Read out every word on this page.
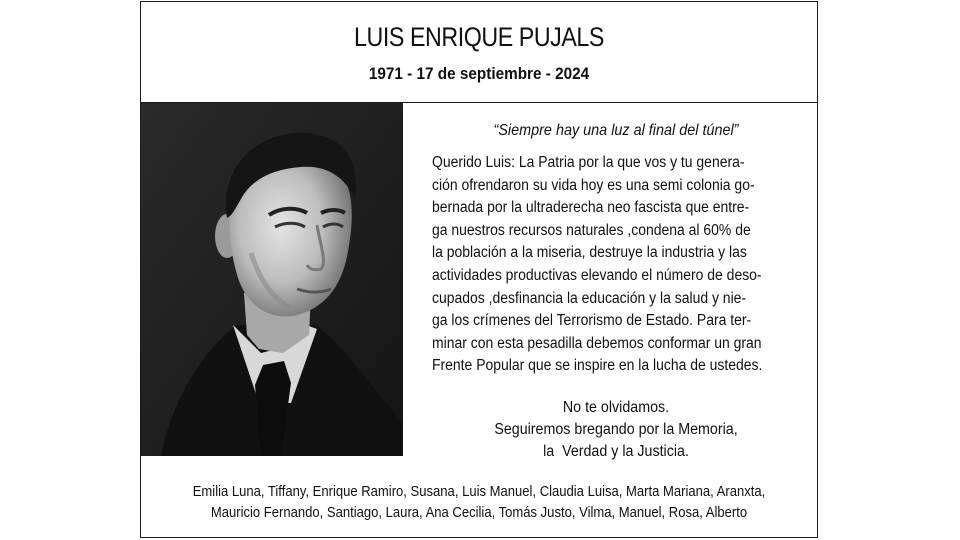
LUIS ENRIQUE PUJALS
1971 - 17 de septiembre - 2024
“Siempre hay una luz al final del túnel”
Querido Luis: La Patria por la que vos y tu genera-
ción ofrendaron su vida hoy es una semi colonia go-
bernada por la ultraderecha neo fascista que entre-
ga nuestros recursos naturales ,condena al 60% de
la población a la miseria, destruye la industria y las
actividades productivas elevando el número de deso-
cupados ,desfinancia la educación y la salud y nie-
ga los crímenes del Terrorismo de Estado. Para ter-
minar con esta pesadilla debemos conformar un gran
Frente Popular que se inspire en la lucha de ustedes.
No te olvidamos.
Seguiremos bregando por la Memoria,
la  Verdad y la Justicia.
Emilia Luna, Tiffany, Enrique Ramiro, Susana, Luis Manuel, Claudia Luisa, Marta Mariana, Aranxta,
Mauricio Fernando, Santiago, Laura, Ana Cecilia, Tomás Justo, Vilma, Manuel, Rosa, Alberto
